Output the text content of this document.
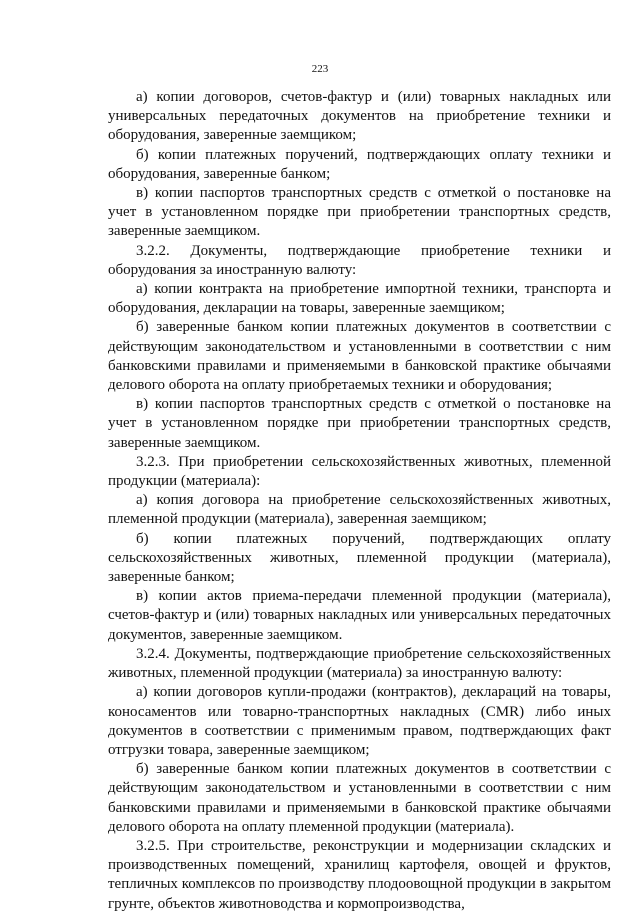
223

а) копии договоров, счетов-фактур и (или) товарных накладных или универсальных передаточных документов на приобретение техники и оборудования, заверенные заемщиком;

б) копии платежных поручений, подтверждающих оплату техники и оборудования, заверенные банком;

в) копии паспортов транспортных средств с отметкой о постановке на учет в установленном порядке при приобретении транспортных средств, заверенные заемщиком.

3.2.2. Документы, подтверждающие приобретение техники и оборудования за иностранную валюту:

а) копии контракта на приобретение импортной техники, транспорта и оборудования, декларации на товары, заверенные заемщиком;

б) заверенные банком копии платежных документов в соответствии с действующим законодательством и установленными в соответствии с ним банковскими правилами и применяемыми в банковской практике обычаями делового оборота на оплату приобретаемых техники и оборудования;

в) копии паспортов транспортных средств с отметкой о постановке на учет в установленном порядке при приобретении транспортных средств, заверенные заемщиком.

3.2.3. При приобретении сельскохозяйственных животных, племенной продукции (материала):

а) копия договора на приобретение сельскохозяйственных животных, племенной продукции (материала), заверенная заемщиком;

б) копии платежных поручений, подтверждающих оплату сельскохозяйственных животных, племенной продукции (материала), заверенные банком;

в) копии актов приема-передачи племенной продукции (материала), счетов-фактур и (или) товарных накладных или универсальных передаточных документов, заверенные заемщиком.

3.2.4. Документы, подтверждающие приобретение сельскохозяйственных животных, племенной продукции (материала) за иностранную валюту:

а) копии договоров купли-продажи (контрактов), деклараций на товары, коносаментов или товарно-транспортных накладных (CMR) либо иных документов в соответствии с применимым правом, подтверждающих факт отгрузки товара, заверенные заемщиком;

б) заверенные банком копии платежных документов в соответствии с действующим законодательством и установленными в соответствии с ним банковскими правилами и применяемыми в банковской практике обычаями делового оборота на оплату племенной продукции (материала).

3.2.5. При строительстве, реконструкции и модернизации складских и производственных помещений, хранилищ картофеля, овощей и фруктов, тепличных комплексов по производству плодоовощной продукции в закрытом грунте, объектов животноводства и кормопроизводства,
